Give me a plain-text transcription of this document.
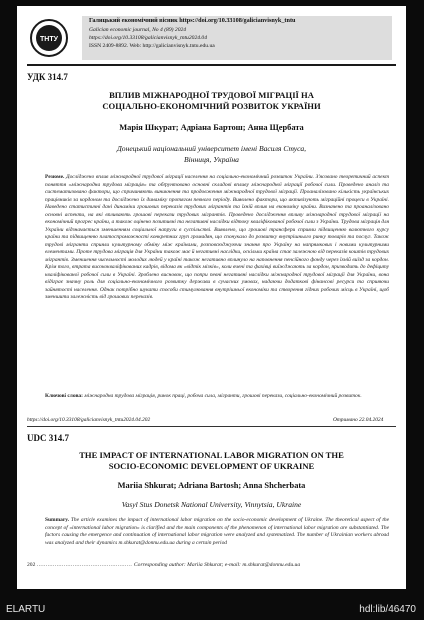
ТНТУ
Галицький економічний вісник https://doi.org/10.33108/galicianvisnyk_tntu
Galician economic journal, No 4 (89) 2024
https://doi.org/10.33108/galicianvisnyk_tntu2024.04
ISSN 2409-8892. Web: http://galicianvisnyk.tntu.edu.ua
УДК 314.7
ВПЛИВ МІЖНАРОДНОЇ ТРУДОВОЇ МІГРАЦІЇ НА
СОЦІАЛЬНО-ЕКОНОМІЧНИЙ РОЗВИТОК УКРАЇНИ
Марія Шкурат; Адріана Бартош; Анна Щербата
Донецький національний університет імені Василя Стуса,
Вінниця, Україна
Резюме. Досліджено вплив міжнародної трудової міграції населення на соціально-економічний розвиток України. З'ясовано теоретичний аспект поняття «міжнародна трудова міграція» та обґрунтовано основні складові впливу міжнародної міграції робочої сили. Проведено аналіз та систематизовано фактори, що спричиняють виникнення та продовження міжнародної трудової міграції. Проаналізовано кількість українських працівників за кордоном та досліджено їх динаміку протягом певного періоду. Виявлено фактори, що активізують міграційні процеси в Україні. Наведено статистичні дані динаміки грошових переказів трудових мігрантів та їхній вплив на економіку країни. Визначено та проаналізовано основні аспекти, на які впливають грошові перекази трудових мігрантів. Проведено дослідження впливу міжнародної трудової міграції на економічний прогрес країни, а також оцінено позитивні та негативні наслідки відтоку кваліфікованої робочої сили з України. Трудова міграція для України відзначається зменшенням соціальної напруги в суспільстві. Виявлено, що грошові трансфери сприяли підвищенню валютного курсу країни та підвищенню платоспроможності конкретних груп громадян, що спонукало до розвитку внутрішнього ринку товарів та послуг. Також трудові мігранти сприяли культурному обміну між країнами, розповсюджуючи знання про Україну на напрямкових і новими культурними елементами. Проте трудова міграція для України також має й негативні наслідки, оскільки країна стає залежною від переказів коштів трудових мігрантів. Зменшення чисельності молодих людей у країні також негативно вплинуло на наповнення пенсійного фонду через їхній виїзд за кордон. Крім того, втрата висококваліфікованих кадрів, відома як «відтік мізків», коли вчені та фахівці виїжджають за кордон, призводить до дефіциту кваліфікованої робочої сили в Україні. Зроблено висновок, що попри певні негативні наслідки міжнародної трудової міграції для України, вона відіграє значну роль для соціально-економічного розвитку держави в сучасних умовах, надаючи додаткові фінансові ресурси та сприяючи зайнятості населення. Однак потрібно шукати способи стимулювання внутрішньої економіки та створення гідних робочих місць в Україні, щоб зменшити залежність від грошових переказів.
Ключові слова: міжнародна трудова міграція, ринок праці, робоча сила, мігранти, грошові перекази, соціально-економічний розвиток.
https://doi.org/10.33108/galicianvisnyk_tntu2024.04.202	Отримано 22.04.2024
UDC 314.7
THE IMPACT OF INTERNATIONAL LABOR MIGRATION ON THE
SOCIO-ECONOMIC DEVELOPMENT OF UKRAINE
Mariia Shkurat; Adriana Bartosh; Anna Shcherbata
Vasyl Stus Donetsk National University, Vinnytsia, Ukraine
Summary. The article examines the impact of international labor migration on the socio-economic development of Ukraine. The theoretical aspect of the concept of «international labor migration» is clarified and the main components of the phenomenon of international labor migration are substantiated. The factors causing the emergence and continuation of international labor migration were analyzed and systematized. The number of Ukrainian workers abroad was analyzed and their dynamics m.shkurat@donnu.edu.ua during a certain period
202 ..................................................... Corresponding author: Mariia Shkurat; e-mail: m.shkurat@donnu.edu.ua
ELARTU	hdl:lib/46470
